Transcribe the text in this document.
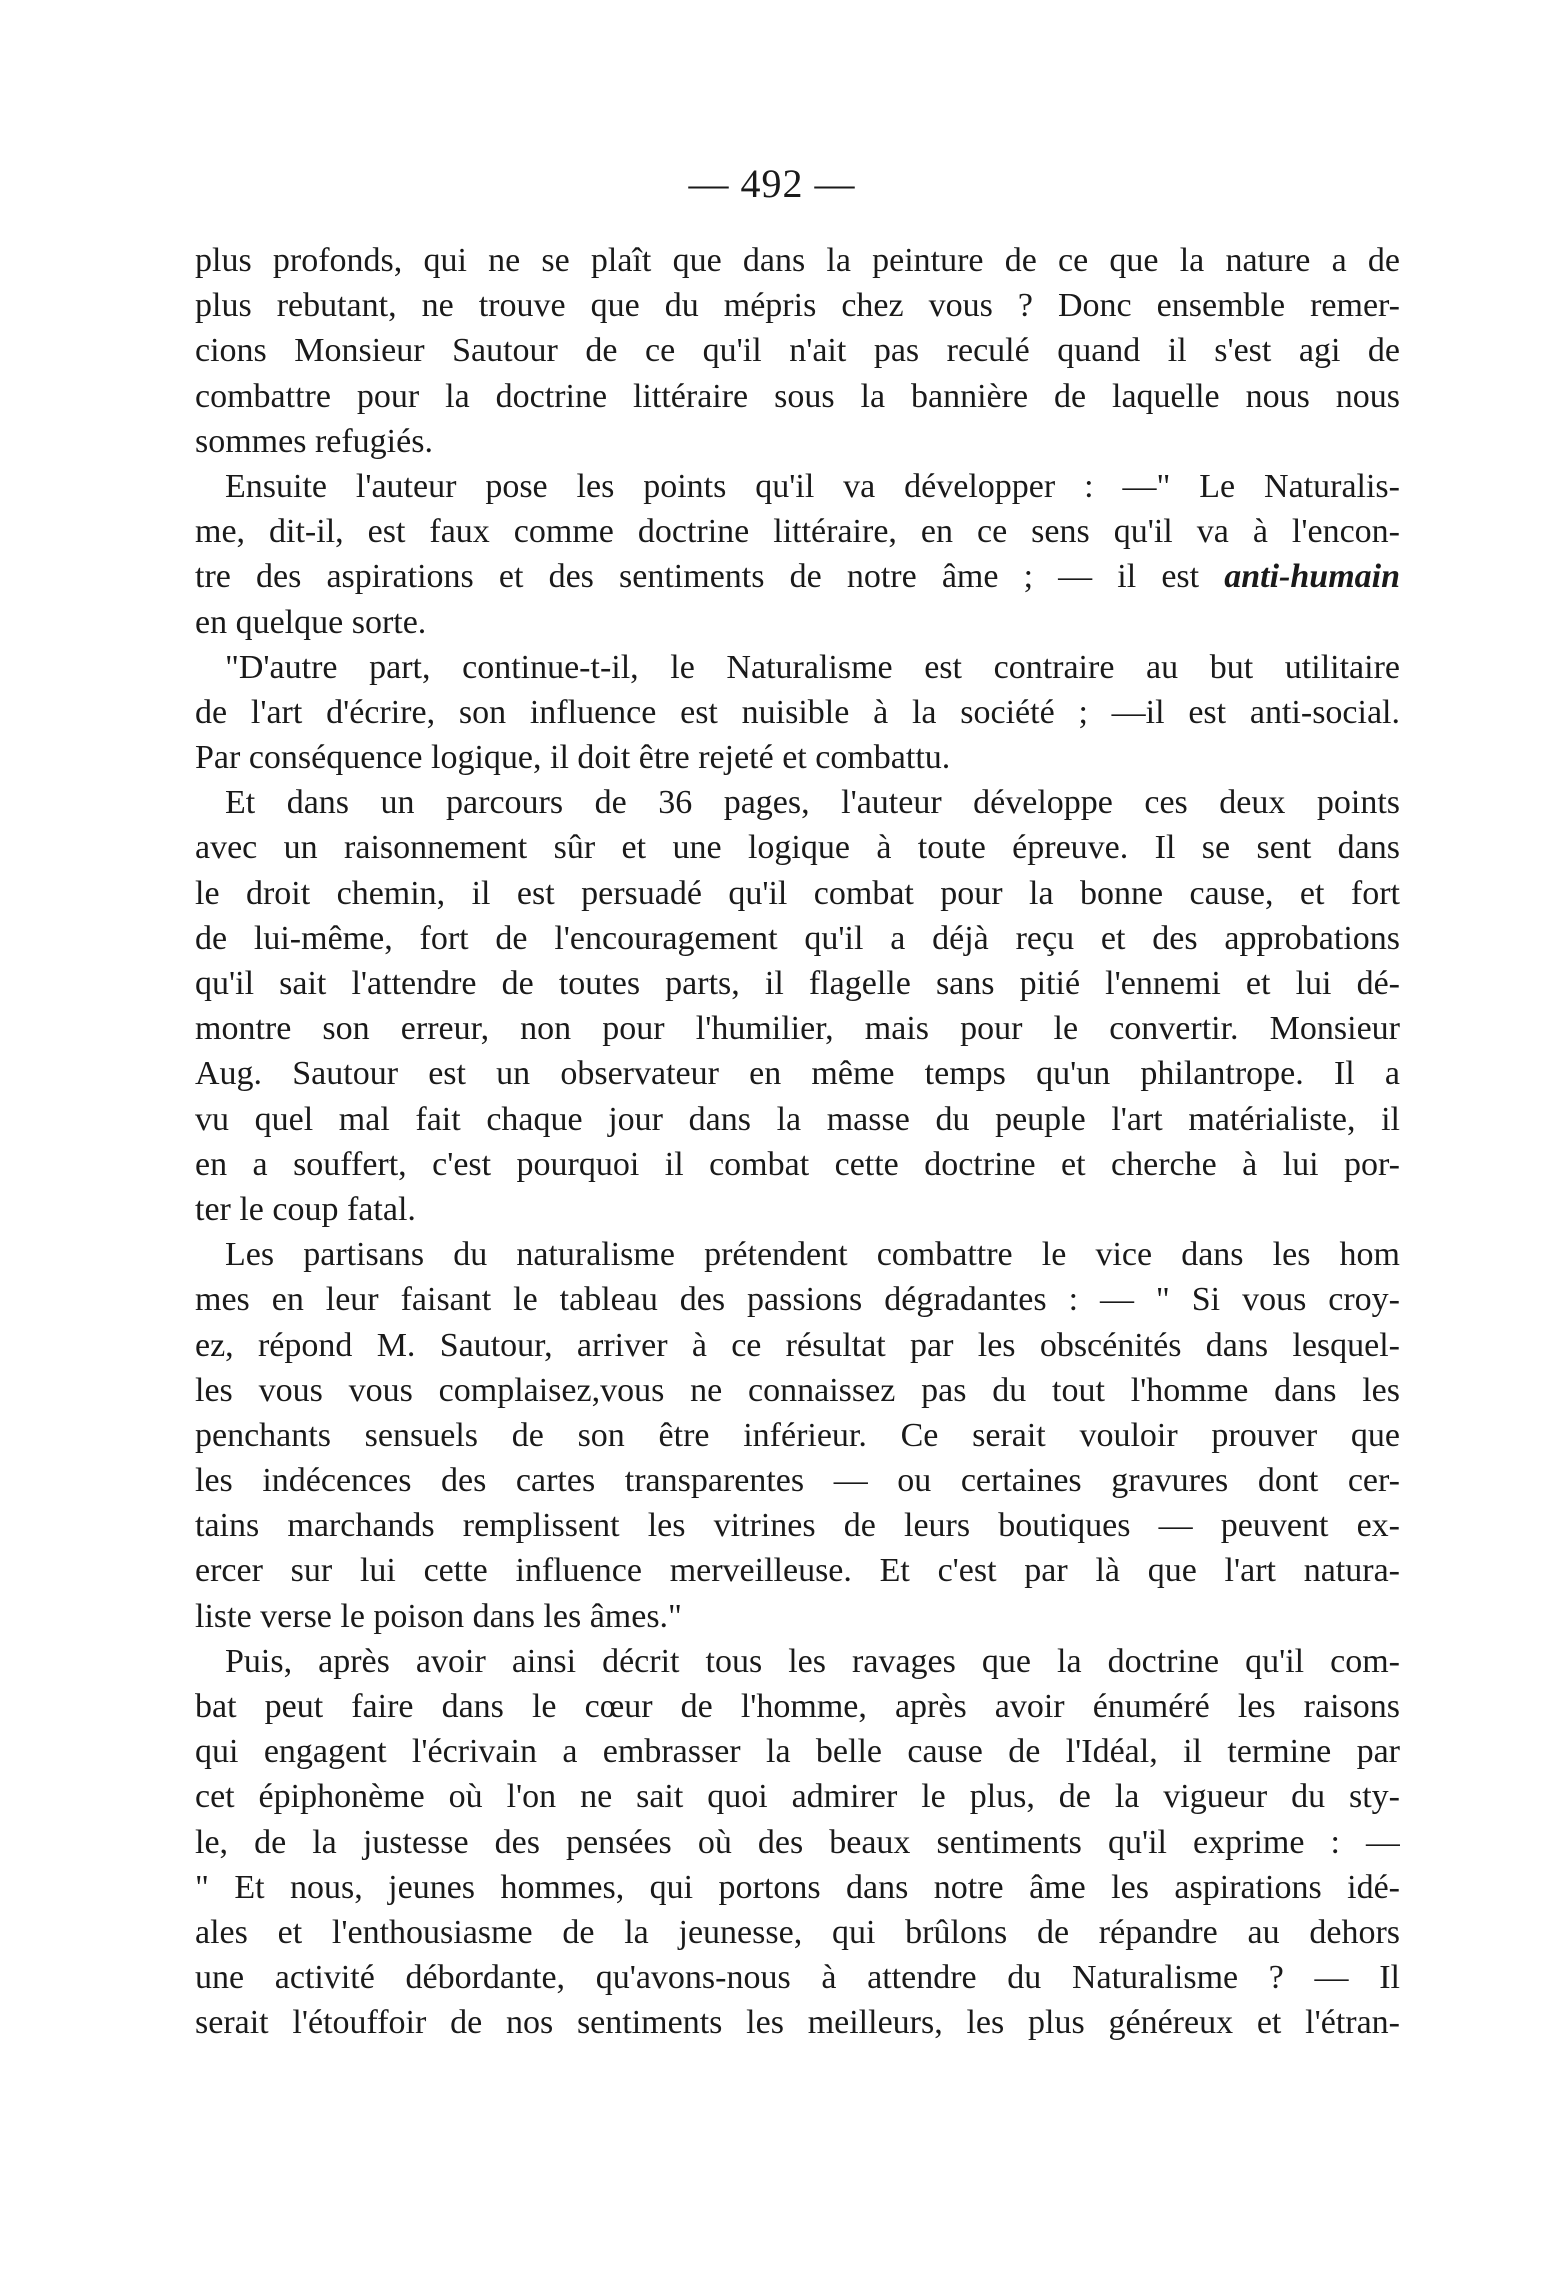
— 492 —
plus profonds, qui ne se plaît que dans la peinture de ce que la nature a de
plus rebutant, ne trouve que du mépris chez vous ? Donc ensemble remer-
cions Monsieur Sautour de ce qu'il n'ait pas reculé quand il s'est agi de
combattre pour la doctrine littéraire sous la bannière de laquelle nous nous
sommes refugiés.
Ensuite l'auteur pose les points qu'il va développer : —" Le Naturalis-
me, dit-il, est faux comme doctrine littéraire, en ce sens qu'il va à l'encon-
tre des aspirations et des sentiments de notre âme ; — il est anti-humain
en quelque sorte.
"D'autre part, continue-t-il, le Naturalisme est contraire au but utilitaire
de l'art d'écrire, son influence est nuisible à la société ; —il est anti-social.
Par conséquence logique, il doit être rejeté et combattu.
Et dans un parcours de 36 pages, l'auteur développe ces deux points
avec un raisonnement sûr et une logique à toute épreuve. Il se sent dans
le droit chemin, il est persuadé qu'il combat pour la bonne cause, et fort
de lui-même, fort de l'encouragement qu'il a déjà reçu et des approbations
qu'il sait l'attendre de toutes parts, il flagelle sans pitié l'ennemi et lui dé-
montre son erreur, non pour l'humilier, mais pour le convertir. Monsieur
Aug. Sautour est un observateur en même temps qu'un philantrope. Il a
vu quel mal fait chaque jour dans la masse du peuple l'art matérialiste, il
en a souffert, c'est pourquoi il combat cette doctrine et cherche à lui por-
ter le coup fatal.
Les partisans du naturalisme prétendent combattre le vice dans les hom
mes en leur faisant le tableau des passions dégradantes : — " Si vous croy-
ez, répond M. Sautour, arriver à ce résultat par les obscénités dans lesquel-
les vous vous complaisez,vous ne connaissez pas du tout l'homme dans les
penchants sensuels de son être inférieur. Ce serait vouloir prouver que
les indécences des cartes transparentes — ou certaines gravures dont cer-
tains marchands remplissent les vitrines de leurs boutiques — peuvent ex-
ercer sur lui cette influence merveilleuse. Et c'est par là que l'art natura-
liste verse le poison dans les âmes."
Puis, après avoir ainsi décrit tous les ravages que la doctrine qu'il com-
bat peut faire dans le cœur de l'homme, après avoir énuméré les raisons
qui engagent l'écrivain a embrasser la belle cause de l'Idéal, il termine par
cet épiphonème où l'on ne sait quoi admirer le plus, de la vigueur du sty-
le, de la justesse des pensées où des beaux sentiments qu'il exprime : —
" Et nous, jeunes hommes, qui portons dans notre âme les aspirations idé-
ales et l'enthousiasme de la jeunesse, qui brûlons de répandre au dehors
une activité débordante, qu'avons-nous à attendre du Naturalisme ? — Il
serait l'étouffoir de nos sentiments les meilleurs, les plus généreux et l'étran-
